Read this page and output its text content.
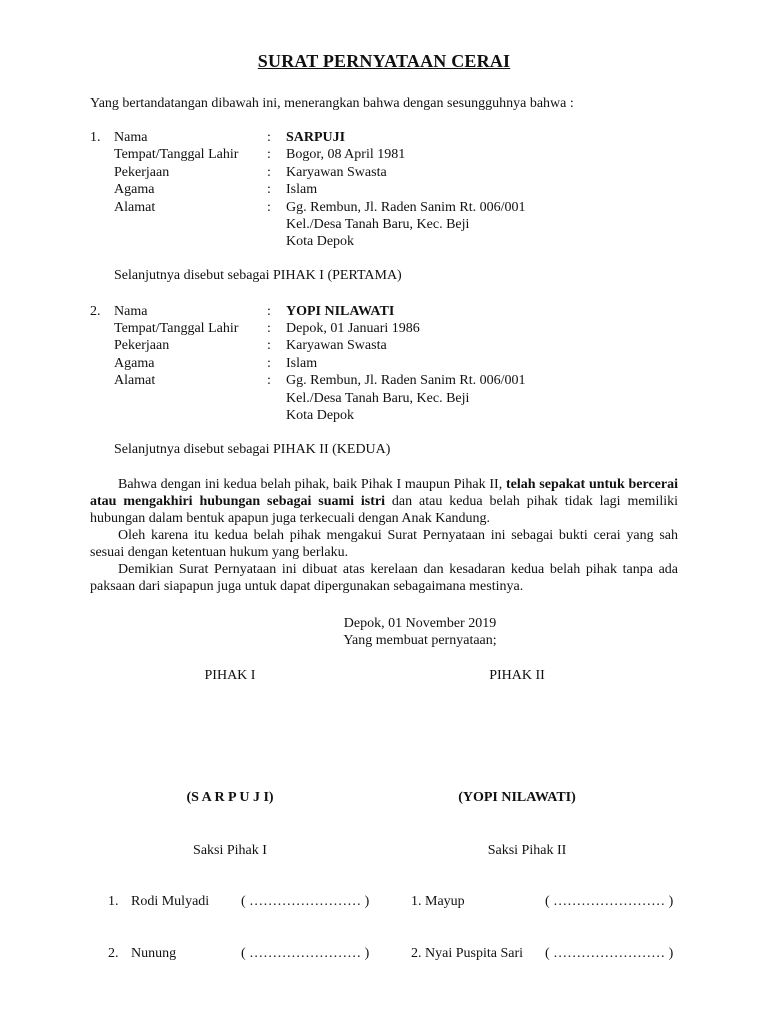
SURAT PERNYATAAN CERAI
Yang bertandatangan dibawah ini, menerangkan bahwa dengan sesungguhnya bahwa :
1. Nama	: SARPUJI
Tempat/Tanggal Lahir : Bogor, 08 April 1981
Pekerjaan	: Karyawan Swasta
Agama	: Islam
Alamat	: Gg. Rembun, Jl. Raden Sanim Rt. 006/001
Kel./Desa Tanah Baru, Kec. Beji
Kota Depok
Selanjutnya disebut sebagai PIHAK I (PERTAMA)
2. Nama	: YOPI NILAWATI
Tempat/Tanggal Lahir : Depok, 01 Januari 1986
Pekerjaan	: Karyawan Swasta
Agama	: Islam
Alamat	: Gg. Rembun, Jl. Raden Sanim Rt. 006/001
Kel./Desa Tanah Baru, Kec. Beji
Kota Depok
Selanjutnya disebut sebagai PIHAK II (KEDUA)

Bahwa dengan ini kedua belah pihak, baik Pihak I maupun Pihak II, telah sepakat untuk bercerai atau mengakhiri hubungan sebagai suami istri dan atau kedua belah pihak tidak lagi memiliki hubungan dalam bentuk apapun juga terkecuali dengan Anak Kandung.

Oleh karena itu kedua belah pihak mengakui Surat Pernyataan ini sebagai bukti cerai yang sah sesuai dengan ketentuan hukum yang berlaku.

Demikian Surat Pernyataan ini dibuat atas kerelaan dan kesadaran kedua belah pihak tanpa ada paksaan dari siapapun juga untuk dapat dipergunakan sebagaimana mestinya.

Depok, 01 November 2019
Yang membuat pernyataan;
PIHAK I	PIHAK II
(S A R P U J I)	(YOPI NILAWATI)
Saksi Pihak I	Saksi Pihak II
1. Rodi Mulyadi ( …………………… )	1. Mayup	( …………………… )
2. Nunung	( …………………… )	2. Nyai Puspita Sari ( …………………… )
